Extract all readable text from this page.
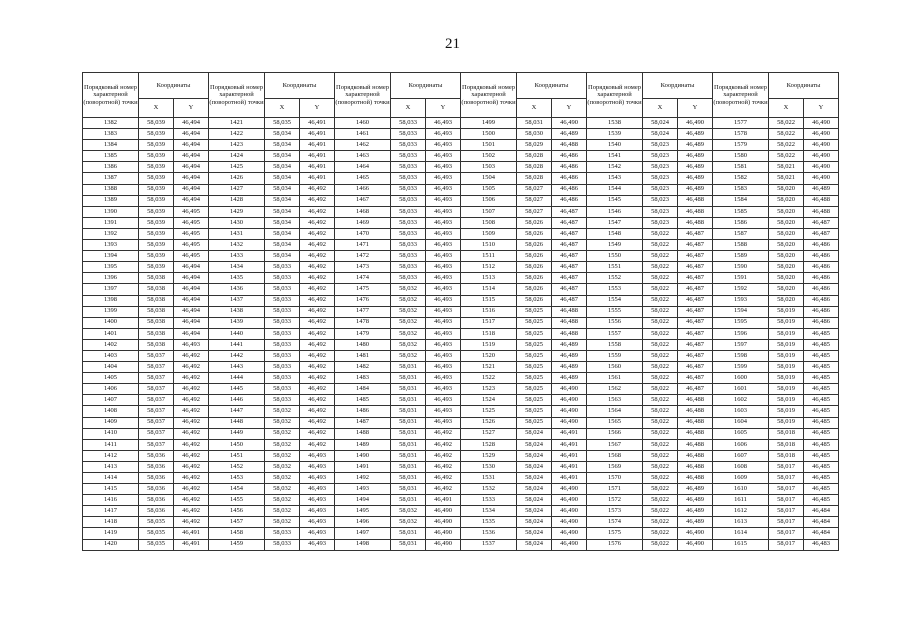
21
Порядковый номер характерной (поворотной) точки	Координаты		Порядковый номер характерной (поворотной) точки	Координаты		Порядковый номер характерной (поворотной) точки	Координаты		Порядковый номер характерной (поворотной) точки	Координаты		Порядковый номер характерной (поворотной) точки	Координаты		Порядковый номер характерной (поворотной) точки	Координаты	
	X	Y		X	Y		X	Y		X	Y		X	Y		X	Y
1382	58,039	46,494	1421	58,035	46,491	1460	58,033	46,493	1499	58,031	46,490	1538	58,024	46,490	1577	58,022	46,490
1383	58,039	46,494	1422	58,034	46,491	1461	58,033	46,493	1500	58,030	46,489	1539	58,024	46,489	1578	58,022	46,490
1384	58,039	46,494	1423	58,034	46,491	1462	58,033	46,493	1501	58,029	46,488	1540	58,023	46,489	1579	58,022	46,490
1385	58,039	46,494	1424	58,034	46,491	1463	58,033	46,493	1502	58,028	46,486	1541	58,023	46,489	1580	58,022	46,490
1386	58,039	46,494	1425	58,034	46,491	1464	58,033	46,493	1503	58,028	46,486	1542	58,023	46,489	1581	58,021	46,490
1387	58,039	46,494	1426	58,034	46,491	1465	58,033	46,493	1504	58,028	46,486	1543	58,023	46,489	1582	58,021	46,490
1388	58,039	46,494	1427	58,034	46,492	1466	58,033	46,493	1505	58,027	46,486	1544	58,023	46,489	1583	58,020	46,489
1389	58,039	46,494	1428	58,034	46,492	1467	58,033	46,493	1506	58,027	46,486	1545	58,023	46,488	1584	58,020	46,488
1390	58,039	46,495	1429	58,034	46,492	1468	58,033	46,493	1507	58,027	46,487	1546	58,023	46,488	1585	58,020	46,488
1391	58,039	46,495	1430	58,034	46,492	1469	58,033	46,493	1508	58,026	46,487	1547	58,023	46,488	1586	58,020	46,487
1392	58,039	46,495	1431	58,034	46,492	1470	58,033	46,493	1509	58,026	46,487	1548	58,022	46,487	1587	58,020	46,487
1393	58,039	46,495	1432	58,034	46,492	1471	58,033	46,493	1510	58,026	46,487	1549	58,022	46,487	1588	58,020	46,486
1394	58,039	46,495	1433	58,034	46,492	1472	58,033	46,493	1511	58,026	46,487	1550	58,022	46,487	1589	58,020	46,486
1395	58,039	46,494	1434	58,033	46,492	1473	58,033	46,493	1512	58,026	46,487	1551	58,022	46,487	1590	58,020	46,486
1396	58,038	46,494	1435	58,033	46,492	1474	58,033	46,493	1513	58,026	46,487	1552	58,022	46,487	1591	58,020	46,486
1397	58,038	46,494	1436	58,033	46,492	1475	58,032	46,493	1514	58,026	46,487	1553	58,022	46,487	1592	58,020	46,486
1398	58,038	46,494	1437	58,033	46,492	1476	58,032	46,493	1515	58,026	46,487	1554	58,022	46,487	1593	58,020	46,486
1399	58,038	46,494	1438	58,033	46,492	1477	58,032	46,493	1516	58,025	46,488	1555	58,022	46,487	1594	58,019	46,486
1400	58,038	46,494	1439	58,033	46,492	1478	58,032	46,493	1517	58,025	46,488	1556	58,022	46,487	1595	58,019	46,486
1401	58,038	46,494	1440	58,033	46,492	1479	58,032	46,493	1518	58,025	46,488	1557	58,022	46,487	1596	58,019	46,485
1402	58,038	46,493	1441	58,033	46,492	1480	58,032	46,493	1519	58,025	46,489	1558	58,022	46,487	1597	58,019	46,485
1403	58,037	46,492	1442	58,033	46,492	1481	58,032	46,493	1520	58,025	46,489	1559	58,022	46,487	1598	58,019	46,485
1404	58,037	46,492	1443	58,033	46,492	1482	58,031	46,493	1521	58,025	46,489	1560	58,022	46,487	1599	58,019	46,485
1405	58,037	46,492	1444	58,033	46,492	1483	58,031	46,493	1522	58,025	46,489	1561	58,022	46,487	1600	58,019	46,485
1406	58,037	46,492	1445	58,033	46,492	1484	58,031	46,493	1523	58,025	46,490	1562	58,022	46,487	1601	58,019	46,485
1407	58,037	46,492	1446	58,033	46,492	1485	58,031	46,493	1524	58,025	46,490	1563	58,022	46,488	1602	58,019	46,485
1408	58,037	46,492	1447	58,032	46,492	1486	58,031	46,493	1525	58,025	46,490	1564	58,022	46,488	1603	58,019	46,485
1409	58,037	46,492	1448	58,032	46,492	1487	58,031	46,493	1526	58,025	46,490	1565	58,022	46,488	1604	58,019	46,485
1410	58,037	46,492	1449	58,032	46,492	1488	58,031	46,492	1527	58,024	46,491	1566	58,022	46,488	1605	58,018	46,485
1411	58,037	46,492	1450	58,032	46,492	1489	58,031	46,492	1528	58,024	46,491	1567	58,022	46,488	1606	58,018	46,485
1412	58,036	46,492	1451	58,032	46,493	1490	58,031	46,492	1529	58,024	46,491	1568	58,022	46,488	1607	58,018	46,485
1413	58,036	46,492	1452	58,032	46,493	1491	58,031	46,492	1530	58,024	46,491	1569	58,022	46,488	1608	58,017	46,485
1414	58,036	46,492	1453	58,032	46,493	1492	58,031	46,492	1531	58,024	46,491	1570	58,022	46,488	1609	58,017	46,485
1415	58,036	46,492	1454	58,032	46,493	1493	58,031	46,492	1532	58,024	46,490	1571	58,022	46,489	1610	58,017	46,485
1416	58,036	46,492	1455	58,032	46,493	1494	58,031	46,491	1533	58,024	46,490	1572	58,022	46,489	1611	58,017	46,485
1417	58,036	46,492	1456	58,032	46,493	1495	58,032	46,490	1534	58,024	46,490	1573	58,022	46,489	1612	58,017	46,484
1418	58,035	46,492	1457	58,032	46,493	1496	58,032	46,490	1535	58,024	46,490	1574	58,022	46,489	1613	58,017	46,484
1419	58,035	46,491	1458	58,033	46,493	1497	58,031	46,490	1536	58,024	46,490	1575	58,022	46,490	1614	58,017	46,484
1420	58,035	46,491	1459	58,033	46,493	1498	58,031	46,490	1537	58,024	46,490	1576	58,022	46,490	1615	58,017	46,483
